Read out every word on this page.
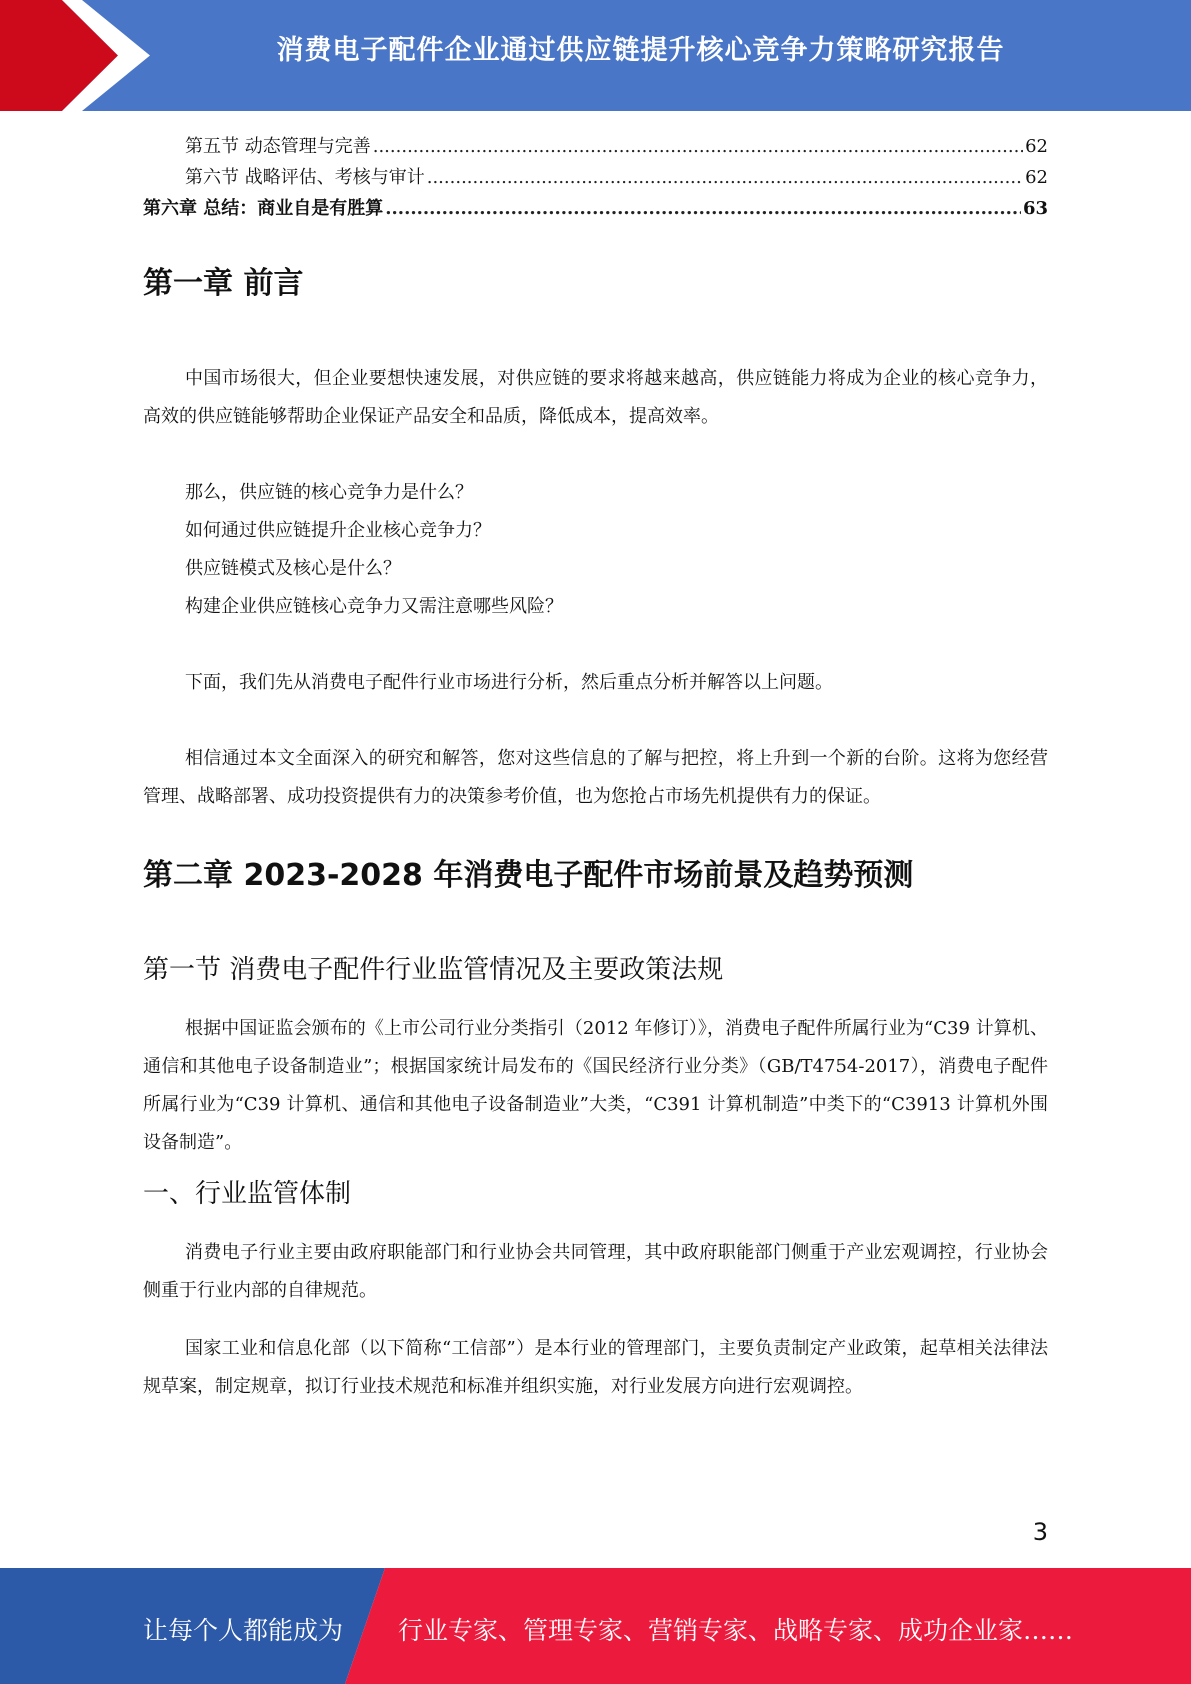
消费电子配件企业通过供应链提升核心竞争力策略研究报告
第五节 动态管理与完善 .....	62
第六节 战略评估、考核与审计 .....	62
第六章 总结：商业自是有胜算 .....	63
第一章 前言

中国市场很大，但企业要想快速发展，对供应链的要求将越来越高，供应链能力将成为企业的核心竞争力，高效的供应链能够帮助企业保证产品安全和品质，降低成本，提高效率。

那么，供应链的核心竞争力是什么？

如何通过供应链提升企业核心竞争力？

供应链模式及核心是什么？

构建企业供应链核心竞争力又需注意哪些风险？

下面，我们先从消费电子配件行业市场进行分析，然后重点分析并解答以上问题。

相信通过本文全面深入的研究和解答，您对这些信息的了解与把控，将上升到一个新的台阶。这将为您经营管理、战略部署、成功投资提供有力的决策参考价值，也为您抢占市场先机提供有力的保证。

第二章 2023-2028 年消费电子配件市场前景及趋势预测
第一节 消费电子配件行业监管情况及主要政策法规

根据中国证监会颁布的《上市公司行业分类指引（2012 年修订）》，消费电子配件所属行业为“C39 计算机、通信和其他电子设备制造业”；根据国家统计局发布的《国民经济行业分类》（GB/T4754-2017），消费电子配件所属行业为“C39 计算机、通信和其他电子设备制造业”大类，“C391 计算机制造”中类下的“C3913 计算机外围设备制造”。

一、行业监管体制

消费电子行业主要由政府职能部门和行业协会共同管理，其中政府职能部门侧重于产业宏观调控，行业协会侧重于行业内部的自律规范。

国家工业和信息化部（以下简称“工信部”）是本行业的管理部门，主要负责制定产业政策，起草相关法律法规草案，制定规章，拟订行业技术规范和标准并组织实施，对行业发展方向进行宏观调控。

3
让每个人都能成为 行业专家、管理专家、营销专家、战略专家、成功企业家……
